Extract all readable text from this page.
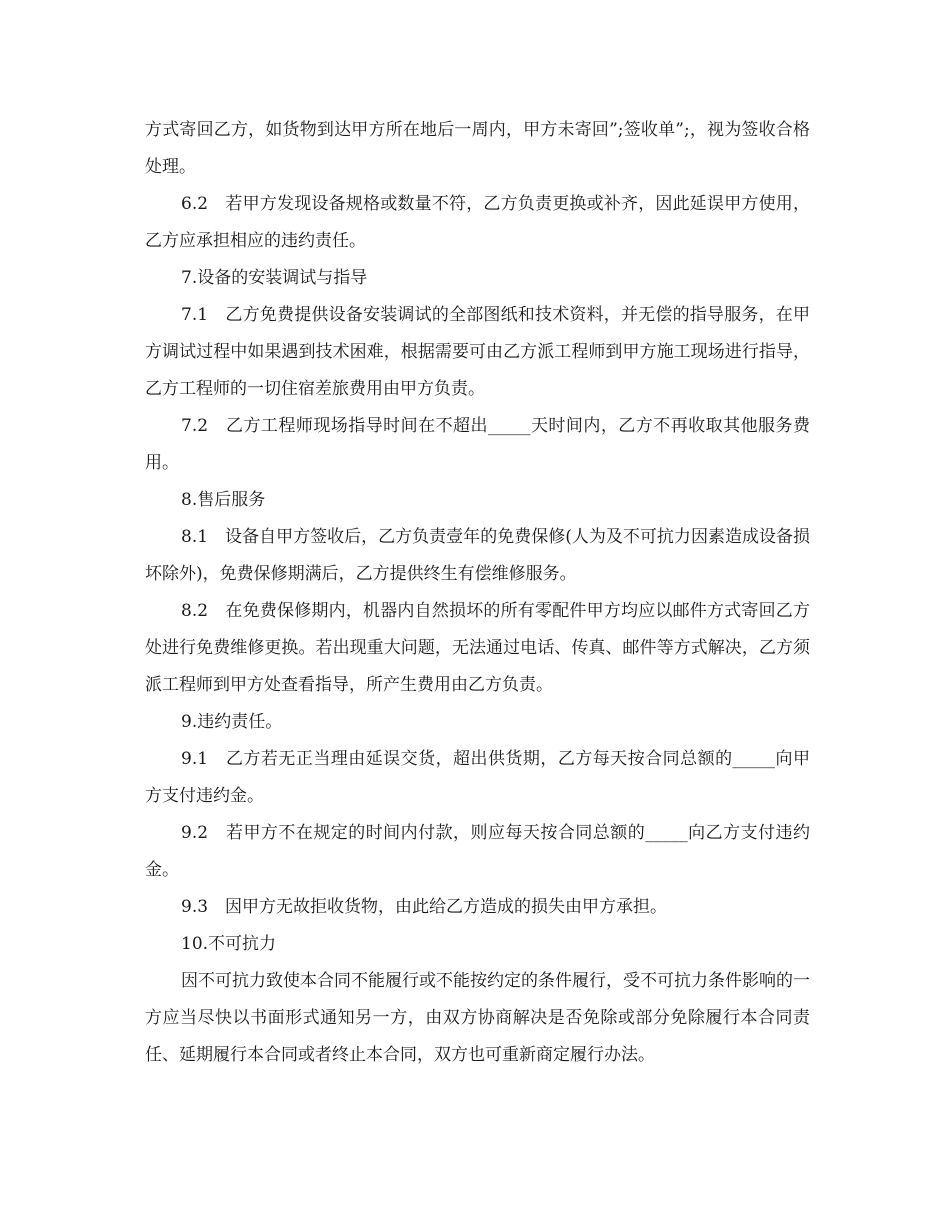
方式寄回乙方，如货物到达甲方所在地后一周内，甲方未寄回”;签收单”;，视为签收合格处理。

6.2　若甲方发现设备规格或数量不符，乙方负责更换或补齐，因此延误甲方使用，乙方应承担相应的违约责任。

7.设备的安装调试与指导

7.1　乙方免费提供设备安装调试的全部图纸和技术资料，并无偿的指导服务，在甲方调试过程中如果遇到技术困难，根据需要可由乙方派工程师到甲方施工现场进行指导，乙方工程师的一切住宿差旅费用由甲方负责。

7.2　乙方工程师现场指导时间在不超出_____天时间内，乙方不再收取其他服务费用。

8.售后服务

8.1　设备自甲方签收后，乙方负责壹年的免费保修(人为及不可抗力因素造成设备损坏除外)，免费保修期满后，乙方提供终生有偿维修服务。

8.2　在免费保修期内，机器内自然损坏的所有零配件甲方均应以邮件方式寄回乙方处进行免费维修更换。若出现重大问题，无法通过电话、传真、邮件等方式解决，乙方须派工程师到甲方处查看指导，所产生费用由乙方负责。

9.违约责任。

9.1　乙方若无正当理由延误交货，超出供货期，乙方每天按合同总额的_____向甲方支付违约金。

9.2　若甲方不在规定的时间内付款，则应每天按合同总额的_____向乙方支付违约金。

9.3　因甲方无故拒收货物，由此给乙方造成的损失由甲方承担。

10.不可抗力

因不可抗力致使本合同不能履行或不能按约定的条件履行，受不可抗力条件影响的一方应当尽快以书面形式通知另一方，由双方协商解决是否免除或部分免除履行本合同责任、延期履行本合同或者终止本合同，双方也可重新商定履行办法。
